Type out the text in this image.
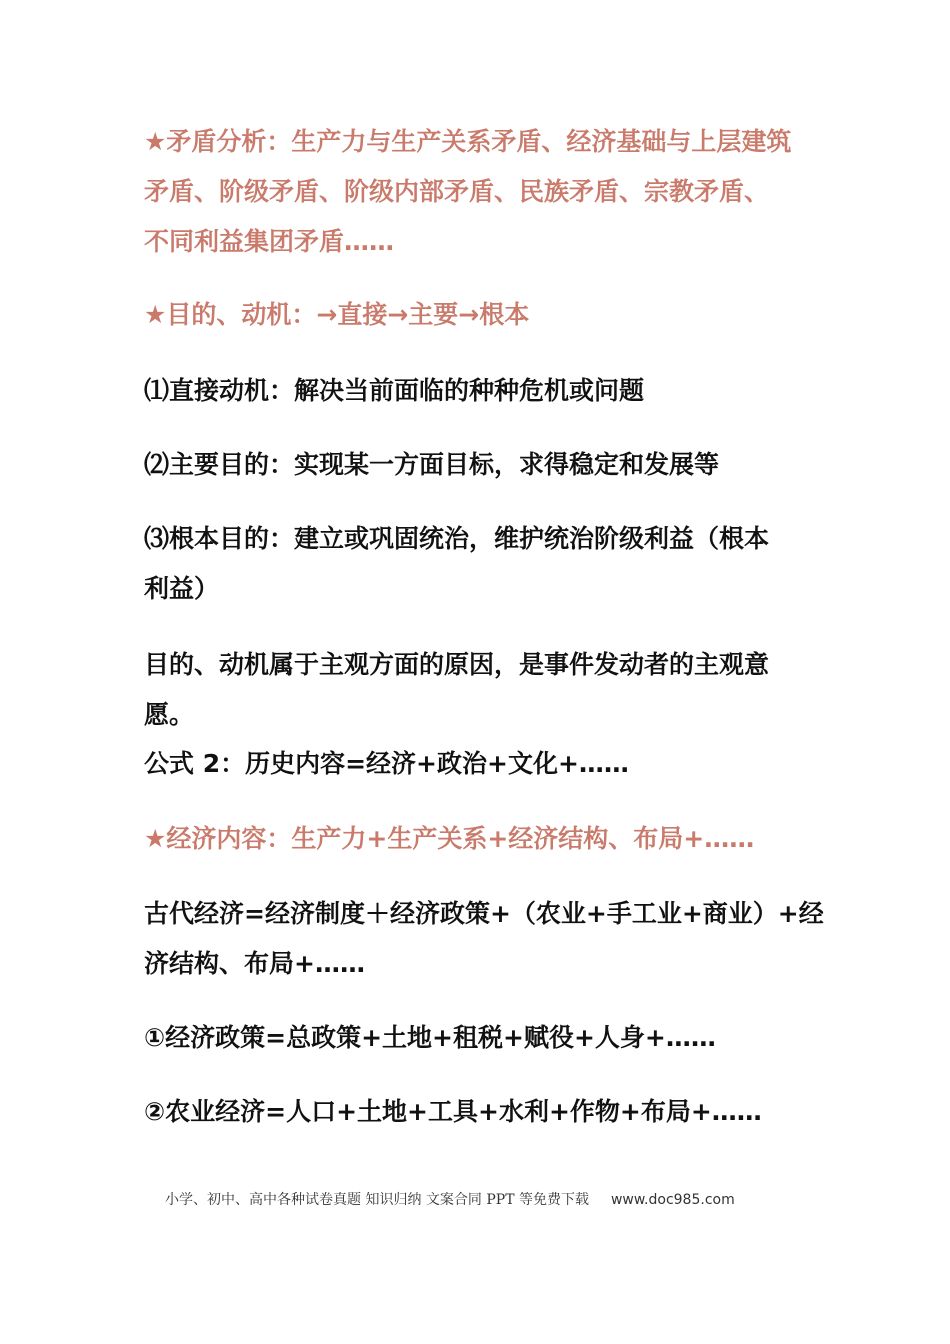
★矛盾分析：生产力与生产关系矛盾、经济基础与上层建筑
矛盾、阶级矛盾、阶级内部矛盾、民族矛盾、宗教矛盾、
不同利益集团矛盾……
★目的、动机：→直接→主要→根本
⑴直接动机：解决当前面临的种种危机或问题
⑵主要目的：实现某一方面目标，求得稳定和发展等
⑶根本目的：建立或巩固统治，维护统治阶级利益（根本
利益）
目的、动机属于主观方面的原因，是事件发动者的主观意
愿。
公式 2：历史内容=经济+政治+文化+……
★经济内容：生产力+生产关系+经济结构、布局+……
古代经济=经济制度＋经济政策+（农业+手工业+商业）+经
济结构、布局+……
①经济政策=总政策+土地+租税+赋役+人身+……
②农业经济=人口+土地+工具+水利+作物+布局+……
小学、初中、高中各种试卷真题 知识归纳 文案合同 PPT 等免费下载 www.doc985.com
